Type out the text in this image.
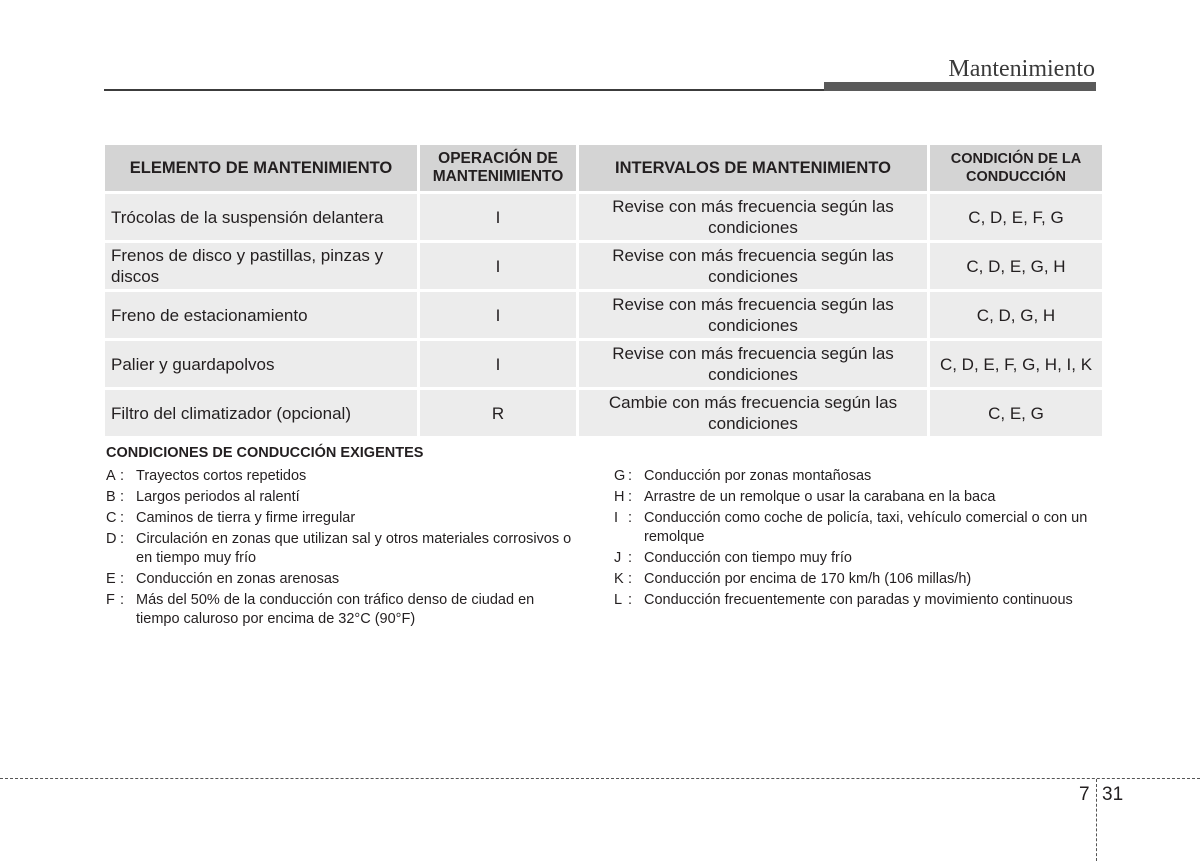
Mantenimiento
ELEMENTO DE MANTENIMIENTO	OPERACIÓN DE MANTENIMIENTO	INTERVALOS DE MANTENIMIENTO	CONDICIÓN DE LA CONDUCCIÓN
Trócolas de la suspensión delantera	I	Revise con más frecuencia según las condiciones	C, D, E, F, G
Frenos de disco y pastillas, pinzas y discos	I	Revise con más frecuencia según las condiciones	C, D, E, G, H
Freno de estacionamiento	I	Revise con más frecuencia según las condiciones	C, D, G, H
Palier y guardapolvos	I	Revise con más frecuencia según las condiciones	C, D, E, F, G, H, I, K
Filtro del climatizador (opcional)	R	Cambie con más frecuencia según las condiciones	C, E, G
CONDICIONES DE CONDUCCIÓN EXIGENTES
A : Trayectos cortos repetidos
B : Largos periodos al ralentí
C : Caminos de tierra y firme irregular
D : Circulación en zonas que utilizan sal y otros materiales corrosivos o en tiempo muy frío
E : Conducción en zonas arenosas
F : Más del 50% de la conducción con tráfico denso de ciudad en tiempo caluroso por encima de 32°C (90°F)
G : Conducción por zonas montañosas
H : Arrastre de un remolque o usar la carabana en la baca
I : Conducción como coche de policía, taxi, vehículo comercial o con un remolque
J : Conducción con tiempo muy frío
K : Conducción por encima de 170 km/h (106 millas/h)
L : Conducción frecuentemente con paradas y movimiento continuous
7 31
